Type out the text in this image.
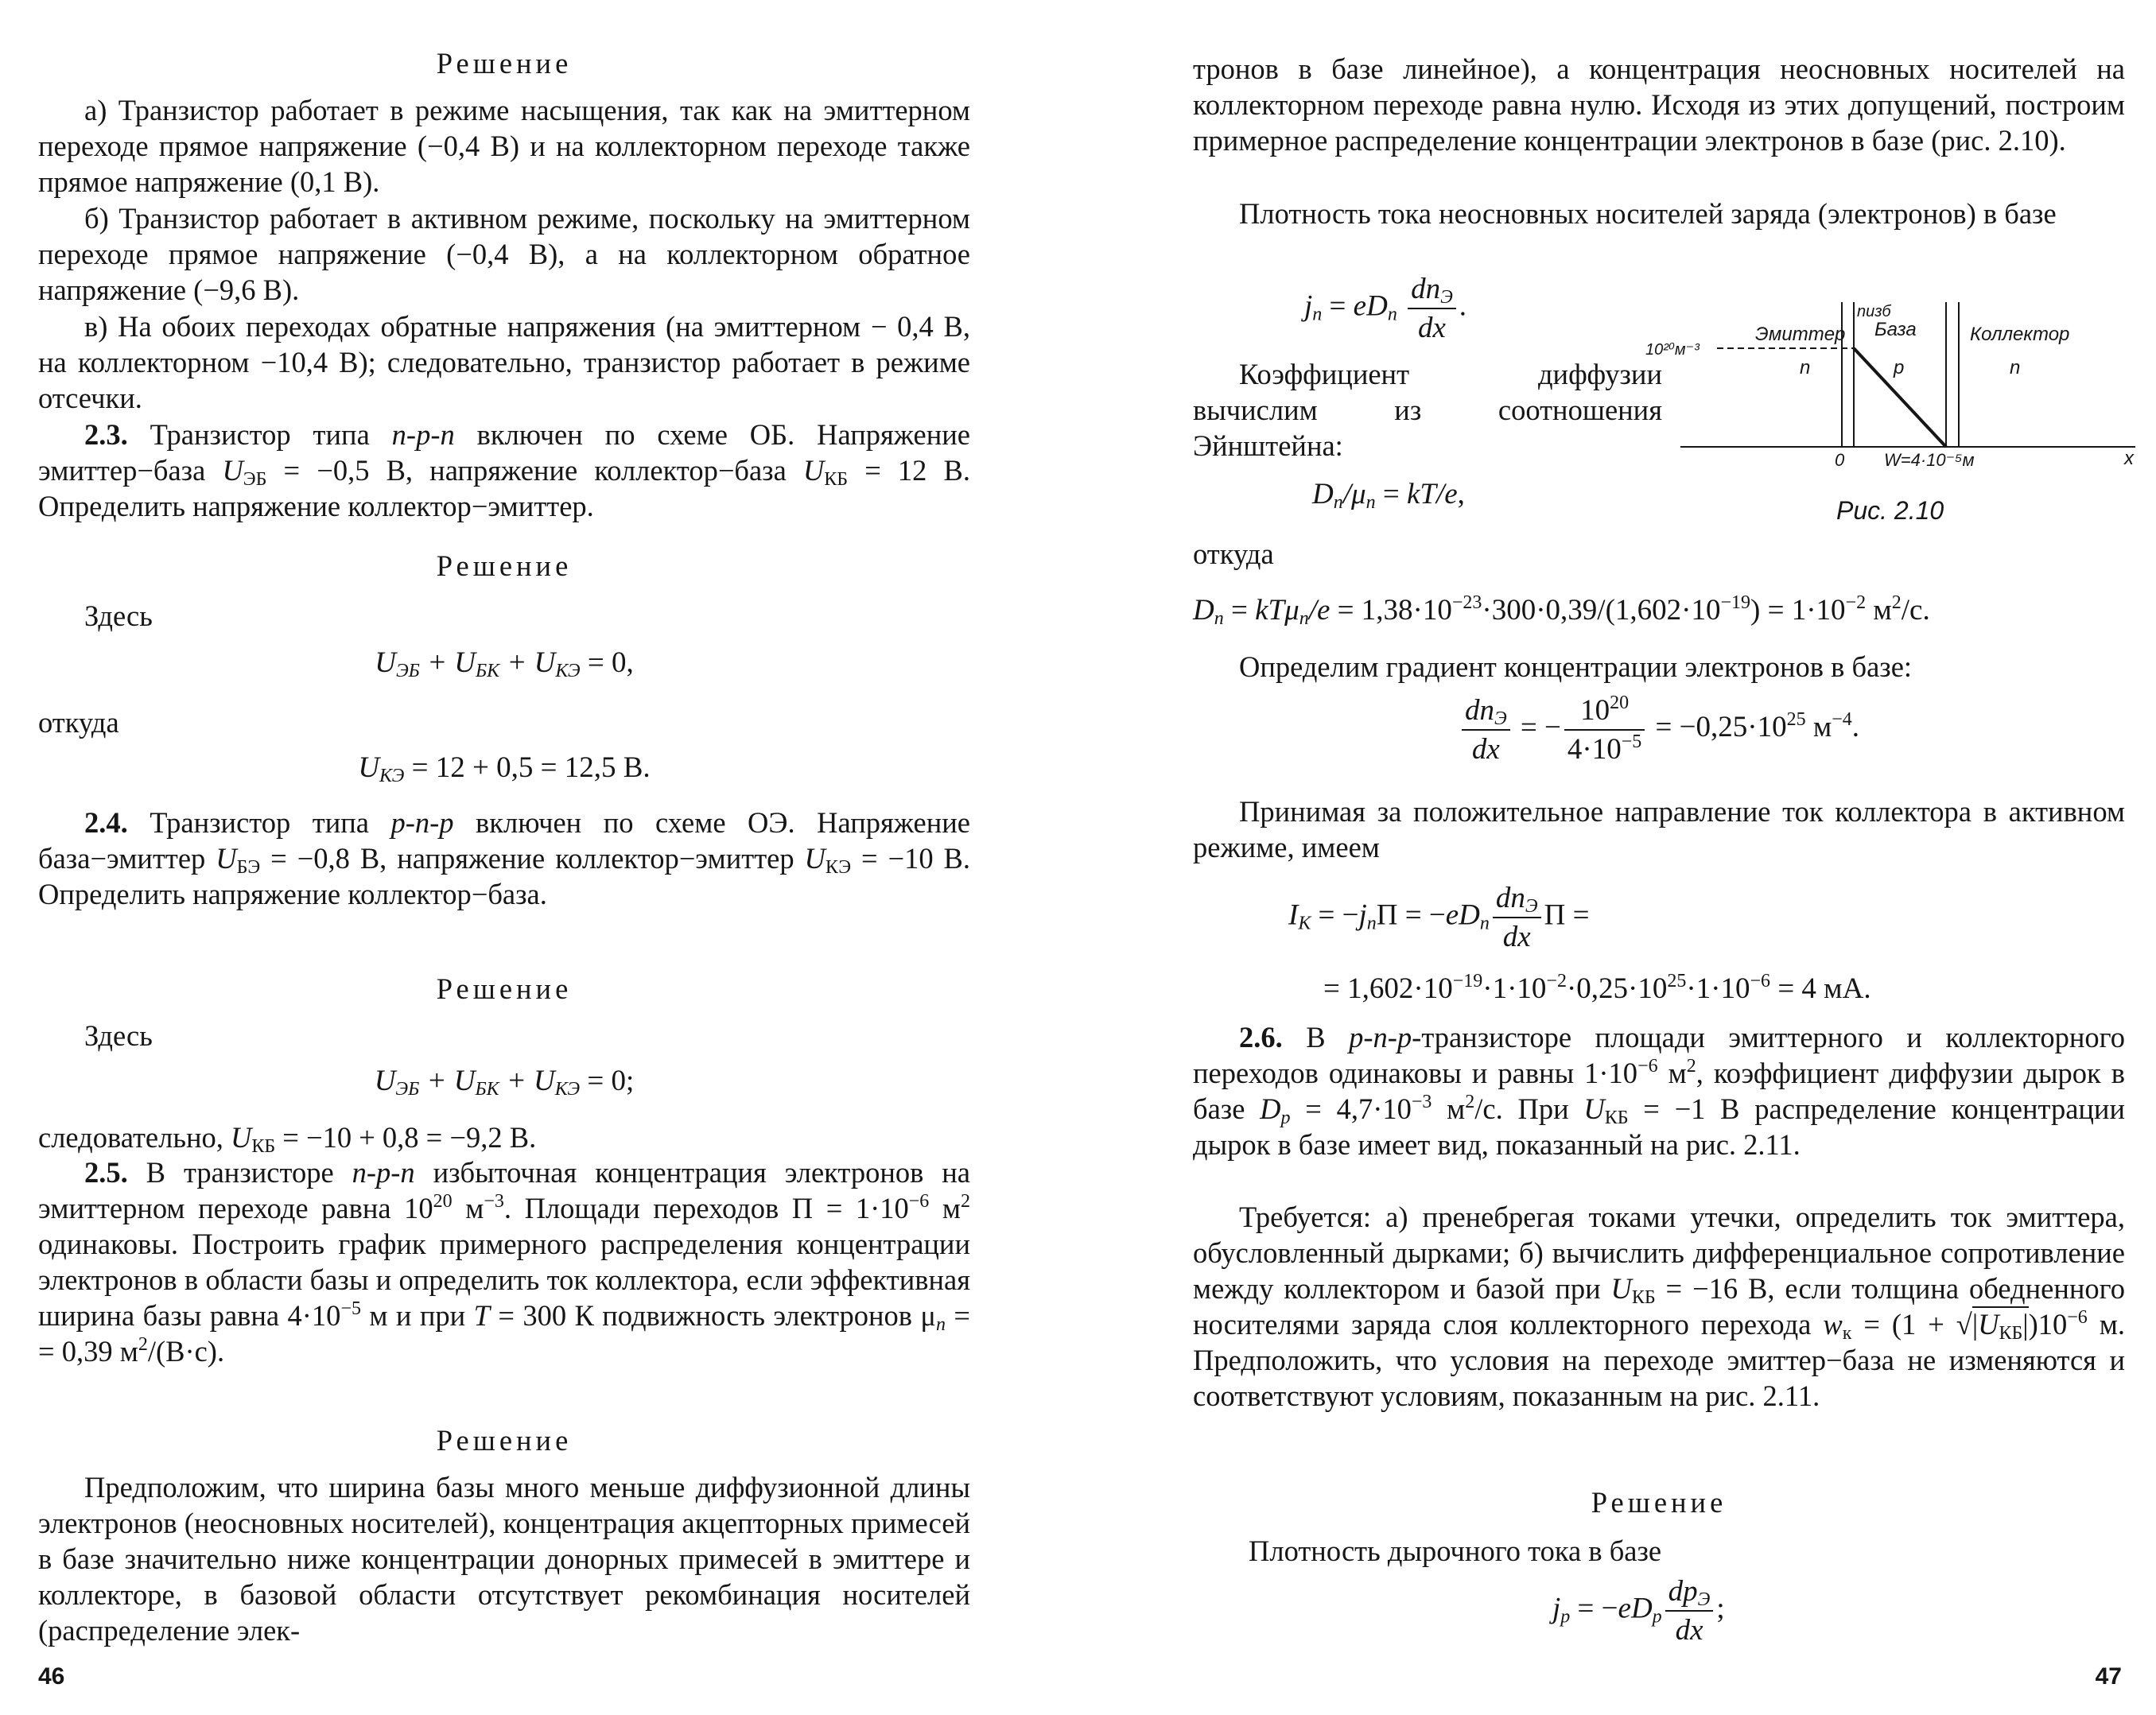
Решение
а) Транзистор работает в режиме насыщения, так как на эмиттерном переходе прямое напряжение (−0,4 В) и на коллекторном переходе также прямое напряжение (0,1 В).
б) Транзистор работает в активном режиме, поскольку на эмиттерном переходе прямое напряжение (−0,4 В), а на коллекторном обратное напряжение (−9,6 В).
в) На обоих переходах обратные напряжения (на эмиттерном − 0,4 В, на коллекторном −10,4 В); следовательно, транзистор работает в режиме отсечки.
2.3. Транзистор типа n-p-n включен по схеме ОБ. Напряжение эмиттер−база $U_{ЭБ} = -0,5$ В, напряжение коллектор−база $U_{КБ} = 12$ В. Определить напряжение коллектор−эмиттер.
Решение
Здесь
$U_{ЭБ} + U_{БК} + U_{КЭ} = 0$,
откуда
$U_{КЭ} = 12 + 0,5 = 12,5$ В.
2.4. Транзистор типа p-n-p включен по схеме ОЭ. Напряжение база−эмиттер $U_{БЭ} = -0,8$ В, напряжение коллектор−эмиттер $U_{КЭ} = -10$ В. Определить напряжение коллектор−база.
Решение
Здесь
$U_{ЭБ} + U_{БК} + U_{КЭ} = 0$;
следовательно, $U_{КБ} = -10 + 0,8 = -9,2$ В.
2.5. В транзисторе n-p-n избыточная концентрация электронов на эмиттерном переходе равна $10^{20}$ $м^{-3}$. Площади переходов $П = 1\cdot 10^{-6}$ $м^2$ одинаковы. Построить график примерного распределения концентрации электронов в области базы и определить ток коллектора, если эффективная ширина базы равна $4\cdot 10^{-5}$ м и при T = 300 К подвижность электронов $\mu_n$ = = 0,39 $м^2/(В\cdot с)$.
Решение
Предположим, что ширина базы много меньше диффузионной длины электронов (неосновных носителей), концентрация акцепторных примесей в базе значительно ниже концентрации донорных примесей в эмиттере и коллекторе, в базовой области отсутствует рекомбинация носителей (распределение элек-
46
тронов в базе линейное), а концентрация неосновных носителей на коллекторном переходе равна нулю. Исходя из этих допущений, построим примерное распределение концентрации электронов в базе (рис. 2.10).
Плотность тока неосновных носителей заряда (электронов) в базе
$j_n = eD_n \frac{dn_Э}{dx}$ .
Коэффициент диффузии вычислим из соотношения Эйнштейна:
$D_n/\mu_n = kT/e$,
откуда
$D_n = kT\mu_n/e = 1,38\cdot 10^{-23}\cdot 300\cdot 0,39/(1,602\cdot 10^{-19}) = 1\cdot 10^{-2}$ $м^2/с$.
Определим градиент концентрации электронов в базе:
$\frac{dn_Э}{dx}$ = − $\frac{10^{20}}{4\cdot 10^{-5}} = -0,25\cdot 10^{25}$ $м^{-4}$.
Принимая за положительное направление ток коллектора в активном режиме, имеем
$I_К = -j_nП = -eD_n \frac{dn_Э}{dx}$ П =
= $1,602\cdot 10^{-19}\cdot 1\cdot 10^{-2}\cdot 0,25\cdot 10^{25}\cdot 1\cdot 10^{-6} = 4$ мА.
2.6. В p-n-p-транзисторе площади эмиттерного и коллекторного переходов одинаковы и равны $1\cdot 10^{-6}$ $м^2$, коэффициент диффузии дырок в базе $D_p = 4,7\cdot 10^{-3}$ $м^2/с$. При $U_{КБ} = -1$ В распределение концентрации дырок в базе имеет вид, показанный на рис. 2.11.
Требуется: а) пренебрегая токами утечки, определить ток эмиттера, обусловленный дырками; б) вычислить дифференциальное сопротивление между коллектором и базой при $U_{КБ} = -16$ В, если толщина обедненного носителями заряда слоя коллекторного перехода $w_к = (1 + √|U_{КБ}|)10^{-6}$ м. Предположить, что условия на переходе эмиттер−база не изменяются и соответствуют условиям, показанным на рис. 2.11.
Решение
Плотность дырочного тока в базе
$j_p = -eD_p \frac{dp_Э}{dx}$ ;
47
10²⁰м⁻³
nизб
Эмиттер
n
База
p
Коллектор
n
0 W=4·10⁻⁵м	x
Рис. 2.10
